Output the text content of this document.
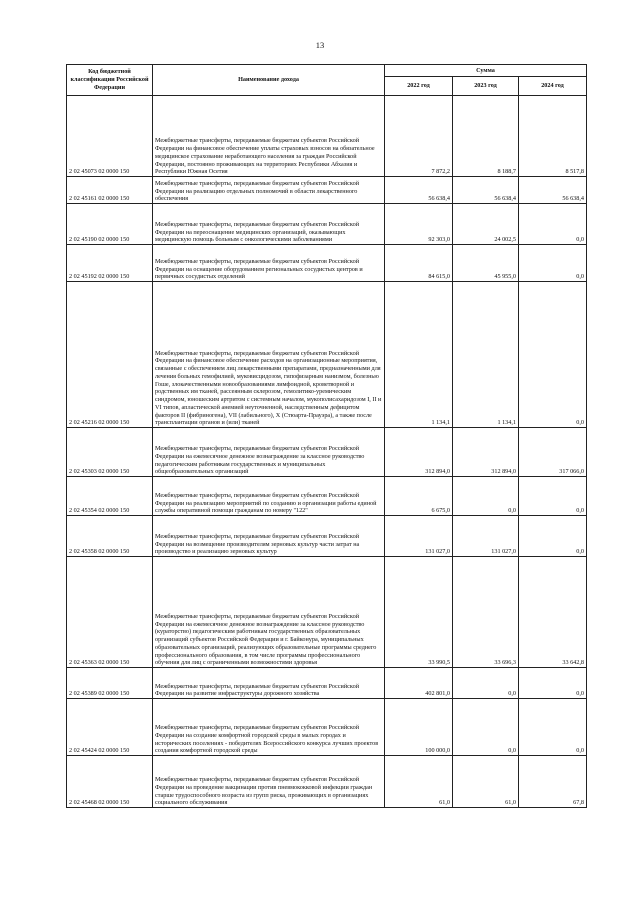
13
Код бюджетной классификации Российской Федерации	Наименование дохода	Сумма		
		2022 год	2023 год	2024 год
2 02 45073 02 0000 150	Межбюджетные трансферты, передаваемые бюджетам субъектов Российской Федерации на финансовое обеспечение уплаты страховых взносов на обязательное медицинское страхование неработающего населения за граждан Российской Федерации, постоянно проживающих на территориях Республики Абхазия и Республики Южная Осетия	7 872,2	8 188,7	8 517,8
2 02 45161 02 0000 150	Межбюджетные трансферты, передаваемые бюджетам субъектов Российской Федерации на реализацию отдельных полномочий в области лекарственного обеспечения	56 638,4	56 638,4	56 638,4
2 02 45190 02 0000 150	Межбюджетные трансферты, передаваемые бюджетам субъектов Российской Федерации на переоснащение медицинских организаций, оказывающих медицинскую помощь больным с онкологическими заболеваниями	92 303,0	24 002,5	0,0
2 02 45192 02 0000 150	Межбюджетные трансферты, передаваемые бюджетам субъектов Российской Федерации на оснащение оборудованием региональных сосудистых центров и первичных сосудистых отделений	84 615,0	45 955,0	0,0
2 02 45216 02 0000 150	Межбюджетные трансферты, передаваемые бюджетам субъектов Российской Федерации на финансовое обеспечение расходов на организационные мероприятия, связанные с обеспечением лиц лекарственными препаратами, предназначенными для лечения больных гемофилией, муковисцидозом, гипофизарным нанизмом, болезнью Гоше, злокачественными новообразованиями лимфоидной, кроветворной и родственных им тканей, рассеянным склерозом, гемолитико-уремическим синдромом, юношеским артритом с системным началом, мукополисахаридозом I, II и VI типов, апластической анемией неуточненной, наследственным дефицитом факторов II (фибриногена), VII (лабильного), X (Стюарта-Прауэра), а также после трансплантации органов и (или) тканей	1 134,1	1 134,1	0,0
2 02 45303 02 0000 150	Межбюджетные трансферты, передаваемые бюджетам субъектов Российской Федерации на ежемесячное денежное вознаграждение за классное руководство педагогическим работникам государственных и муниципальных общеобразовательных организаций	312 894,0	312 894,0	317 066,0
2 02 45354 02 0000 150	Межбюджетные трансферты, передаваемые бюджетам субъектов Российской Федерации на реализацию мероприятий по созданию и организации работы единой службы оперативной помощи гражданам по номеру "122"	6 675,0	0,0	0,0
2 02 45358 02 0000 150	Межбюджетные трансферты, передаваемые бюджетам субъектов Российской Федерации на возмещение производителям зерновых культур части затрат на производство и реализацию зерновых культур	131 027,0	131 027,0	0,0
2 02 45363 02 0000 150	Межбюджетные трансферты, передаваемые бюджетам субъектов Российской Федерации на ежемесячное денежное вознаграждение за классное руководство (кураторство) педагогическим работникам государственных образовательных организаций субъектов Российской Федерации и г. Байконура, муниципальных образовательных организаций, реализующих образовательные программы среднего профессионального образования, в том числе программы профессионального обучения для лиц с ограниченными возможностями здоровья	33 990,5	33 696,3	33 642,8
2 02 45389 02 0000 150	Межбюджетные трансферты, передаваемые бюджетам субъектов Российской Федерации на развитие инфраструктуры дорожного хозяйства	402 801,0	0,0	0,0
2 02 45424 02 0000 150	Межбюджетные трансферты, передаваемые бюджетам субъектов Российской Федерации на создание комфортной городской среды в малых городах и исторических поселениях - победителях Всероссийского конкурса лучших проектов создания комфортной городской среды	100 000,0	0,0	0,0
2 02 45468 02 0000 150	Межбюджетные трансферты, передаваемые бюджетам субъектов Российской Федерации на проведение вакцинации против пневмококковой инфекции граждан старше трудоспособного возраста из групп риска, проживающих в организациях социального обслуживания	61,0	61,0	67,8
